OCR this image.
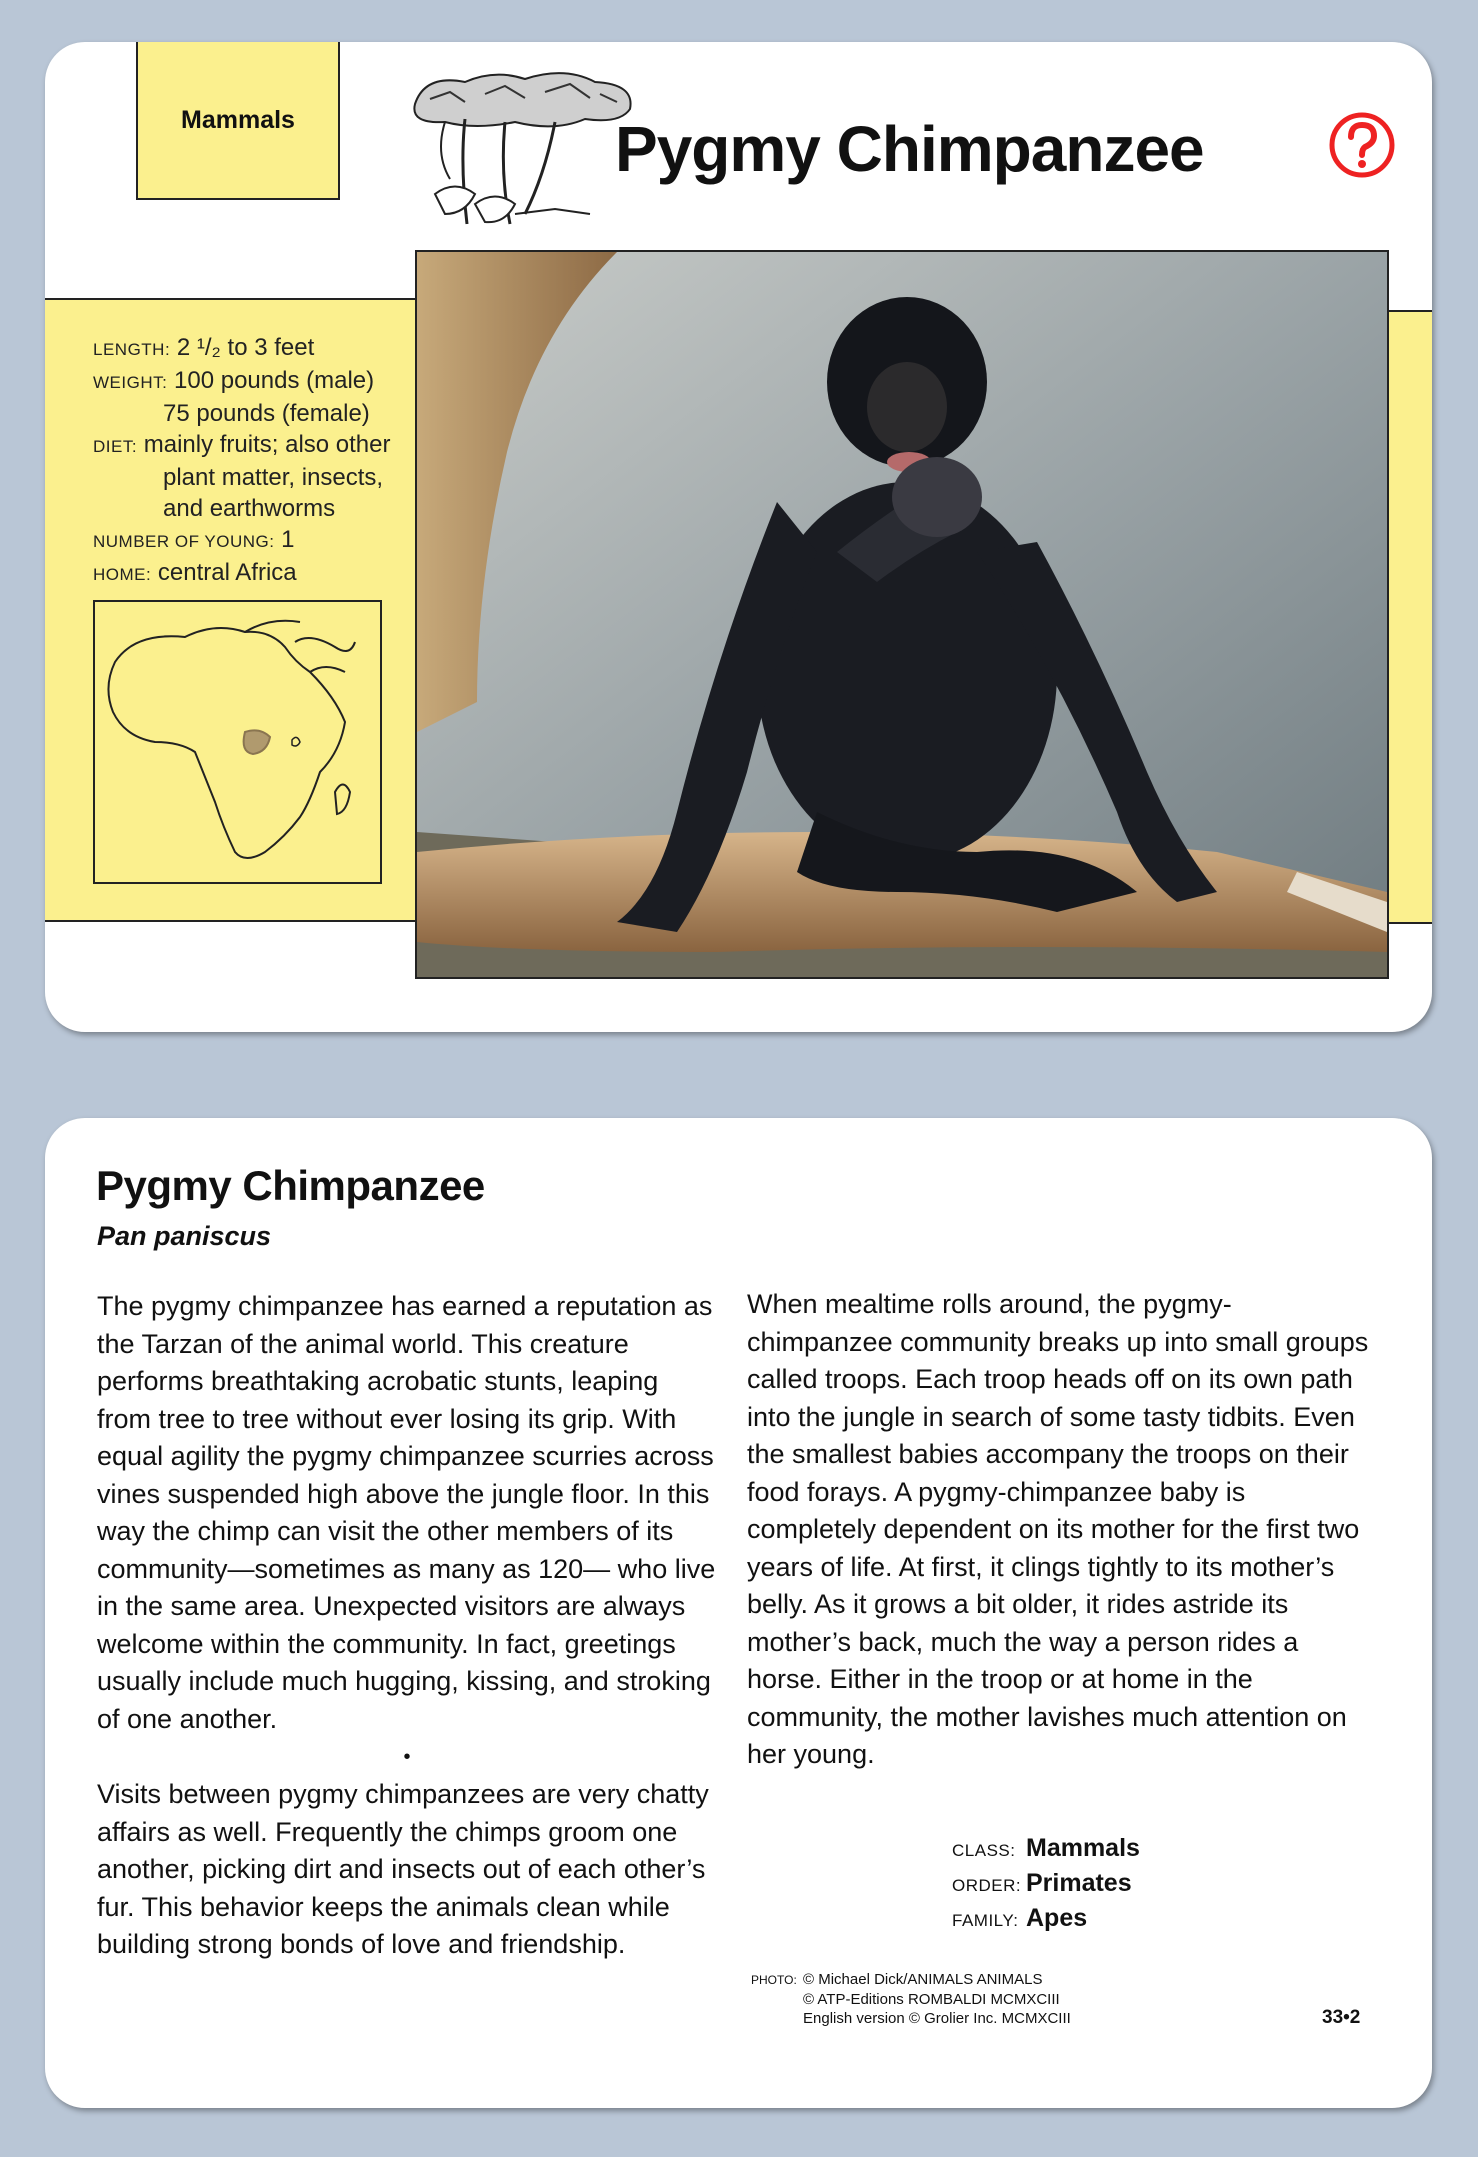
Mammals	Pygmy Chimpanzee
LENGTH: 2 ¹/₂ to 3 feet
WEIGHT: 100 pounds (male)
75 pounds (female)
DIET: mainly fruits; also other
plant matter, insects,
and earthworms
NUMBER OF YOUNG: 1
HOME: central Africa
Pygmy Chimpanzee
Pan paniscus

The pygmy chimpanzee has earned a reputation as the Tarzan of the animal world. This creature performs breathtaking acrobatic stunts, leaping from tree to tree without ever losing its grip. With equal agility the pygmy chimpanzee scurries across vines suspended high above the jungle floor. In this way the chimp can visit the other members of its community—sometimes as many as 120— who live in the same area. Unexpected visitors are always welcome within the community. In fact, greetings usually include much hugging, kissing, and stroking of one another.

•

Visits between pygmy chimpanzees are very chatty affairs as well. Frequently the chimps groom one another, picking dirt and insects out of each other’s fur. This behavior keeps the animals clean while building strong bonds of love and friendship.

When mealtime rolls around, the pygmy-chimpanzee community breaks up into small groups called troops. Each troop heads off on its own path into the jungle in search of some tasty tidbits. Even the smallest babies accompany the troops on their food forays. A pygmy-chimpanzee baby is completely dependent on its mother for the first two years of life. At first, it clings tightly to its mother’s belly. As it grows a bit older, it rides astride its mother’s back, much the way a person rides a horse. Either in the troop or at home in the community, the mother lavishes much attention on her young.

CLASS: Mammals
ORDER: Primates
FAMILY: Apes
PHOTO: © Michael Dick/ANIMALS ANIMALS
© ATP-Editions ROMBALDI MCMXCIII
English version © Grolier Inc. MCMXCIII	33•2
